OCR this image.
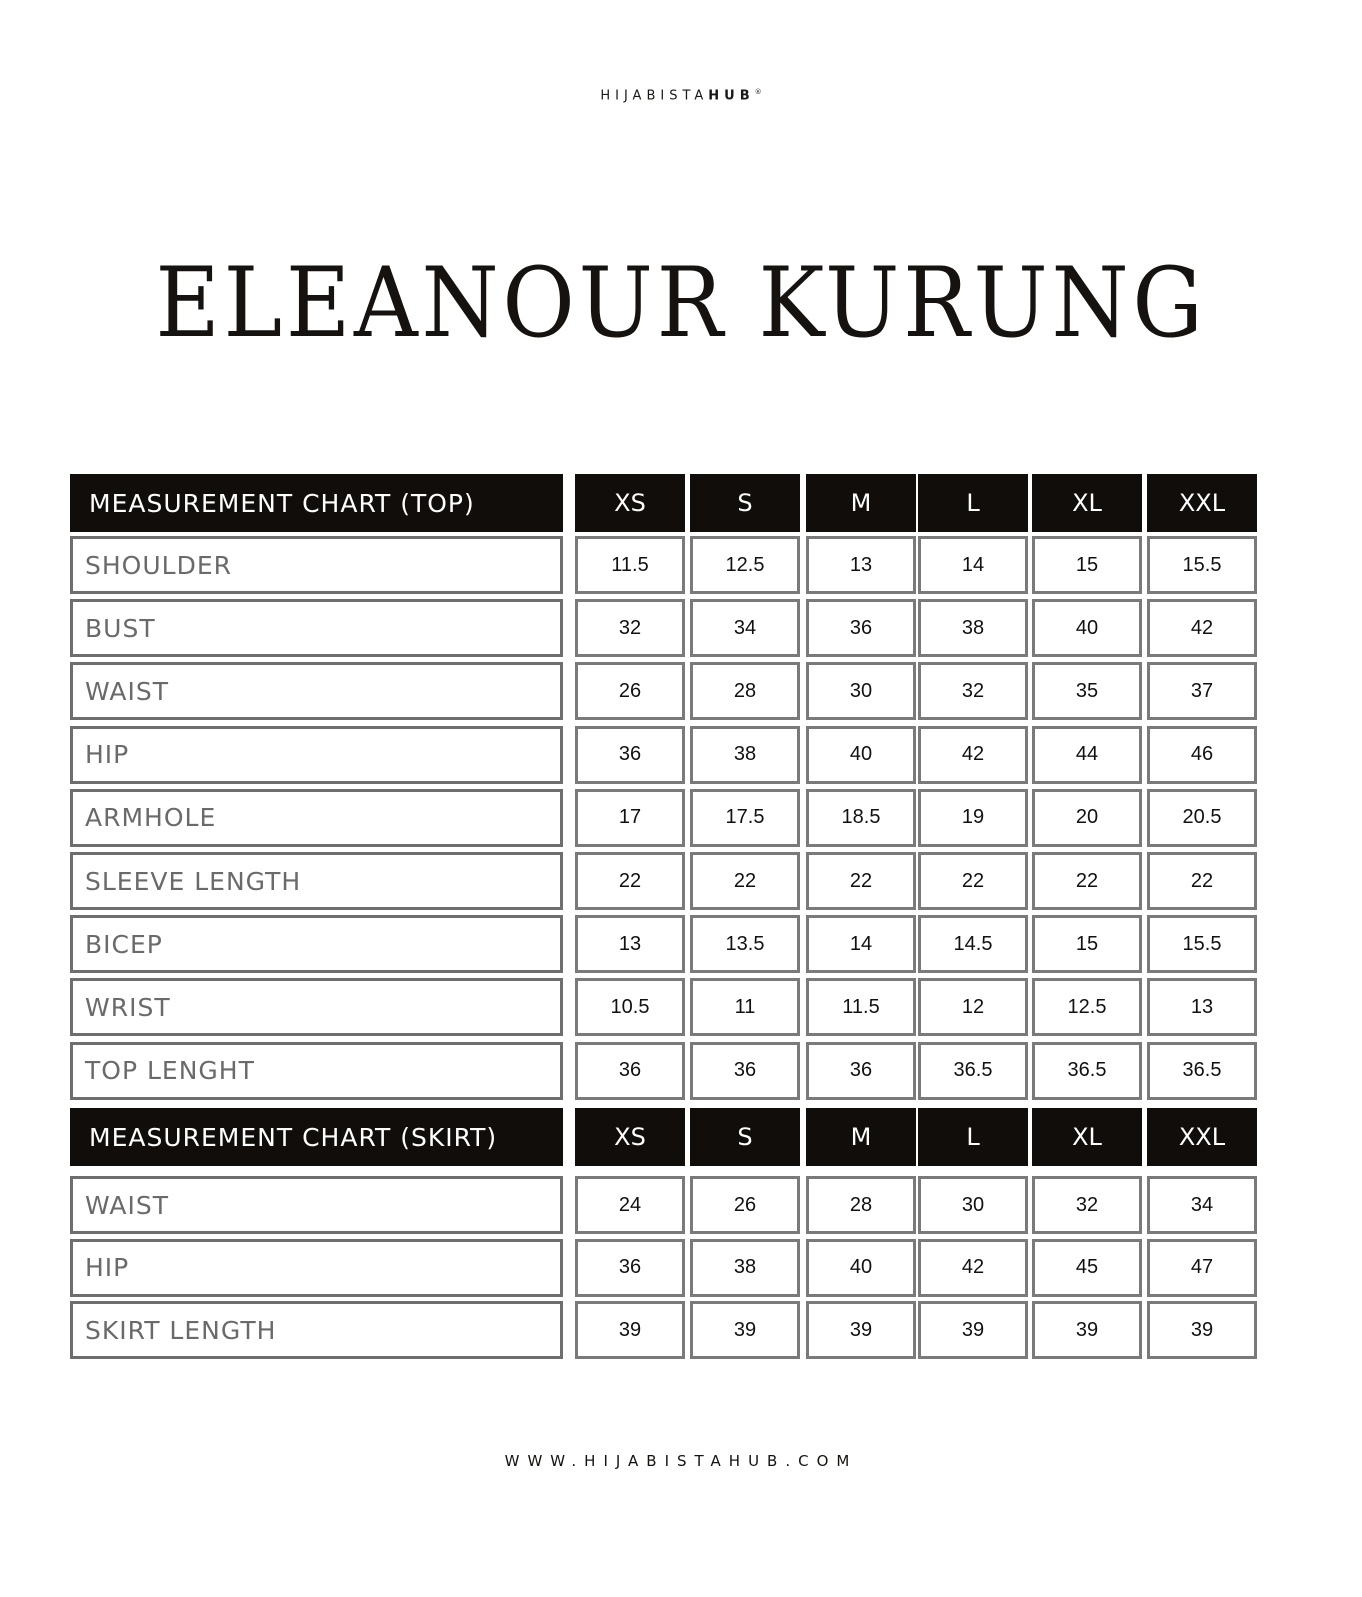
HIJABISTAHUB®
ELEANOUR KURUNG
MEASUREMENT CHART (TOP)	XS	S	M	L	XL	XXL
SHOULDER	11.5	12.5	13	14	15	15.5
BUST	32	34	36	38	40	42
WAIST	26	28	30	32	35	37
HIP	36	38	40	42	44	46
ARMHOLE	17	17.5	18.5	19	20	20.5
SLEEVE LENGTH	22	22	22	22	22	22
BICEP	13	13.5	14	14.5	15	15.5
WRIST	10.5	11	11.5	12	12.5	13
TOP LENGHT	36	36	36	36.5	36.5	36.5
MEASUREMENT CHART (SKIRT)	XS	S	M	L	XL	XXL
WAIST	24	26	28	30	32	34
HIP	36	38	40	42	45	47
SKIRT LENGTH	39	39	39	39	39	39
WWW.HIJABISTAHUB.COM
